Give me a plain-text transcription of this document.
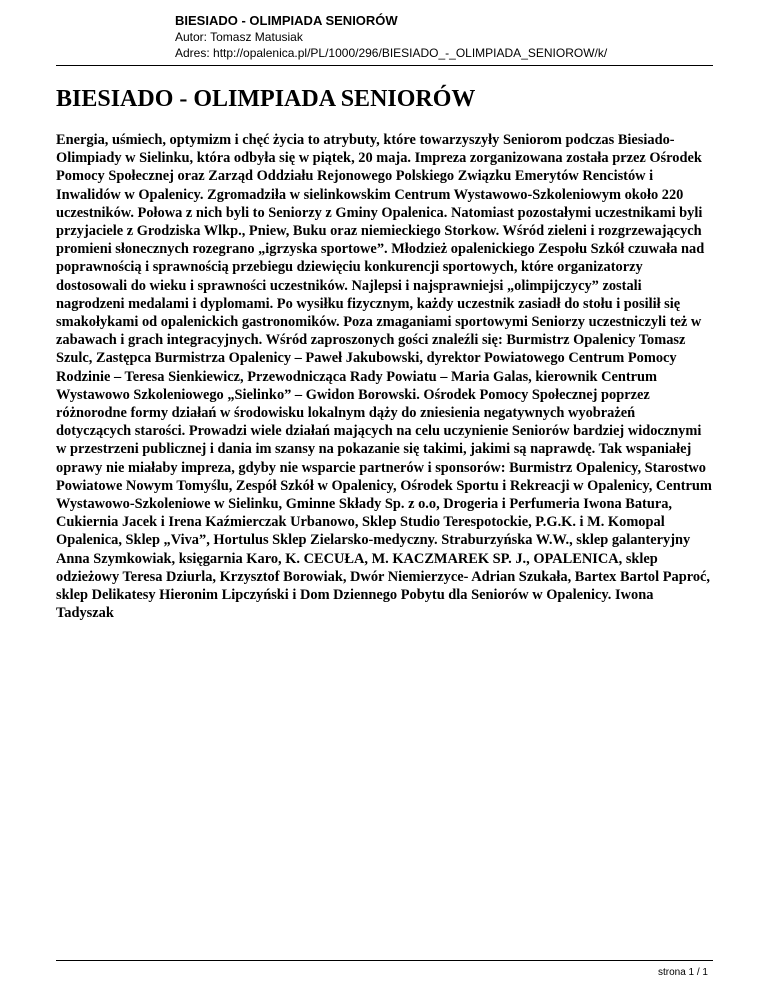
BIESIADO - OLIMPIADA SENIORÓW

Autor: Tomasz Matusiak

Adres: http://opalenica.pl/PL/1000/296/BIESIADO_-_OLIMPIADA_SENIOROW/k/

BIESIADO - OLIMPIADA SENIORÓW

Energia, uśmiech, optymizm i chęć życia to atrybuty, które towarzyszyły Seniorom podczas Biesiado-Olimpiady w Sielinku, która odbyła się w piątek, 20 maja. Impreza zorganizowana została przez Ośrodek Pomocy Społecznej oraz Zarząd Oddziału Rejonowego Polskiego Związku Emerytów Rencistów i Inwalidów w Opalenicy. Zgromadziła w sielinkowskim Centrum Wystawowo-Szkoleniowym około 220 uczestników. Połowa z nich byli to Seniorzy z Gminy Opalenica. Natomiast pozostałymi uczestnikami byli przyjaciele z Grodziska Wlkp., Pniew, Buku oraz niemieckiego Storkow. Wśród zieleni i rozgrzewających promieni słonecznych rozegrano „igrzyska sportowe”. Młodzież opalenickiego Zespołu Szkół czuwała nad poprawnością i sprawnością przebiegu dziewięciu konkurencji sportowych, które organizatorzy dostosowali do wieku i sprawności uczestników. Najlepsi i najsprawniejsi „olimpijczycy” zostali nagrodzeni medalami i dyplomami. Po wysiłku fizycznym, każdy uczestnik zasiadł do stołu i posilił się smakołykami od opalenickich gastronomików. Poza zmaganiami sportowymi Seniorzy uczestniczyli też w zabawach i grach integracyjnych. Wśród zaproszonych gości znaleźli się: Burmistrz Opalenicy Tomasz Szulc, Zastępca Burmistrza Opalenicy – Paweł Jakubowski, dyrektor Powiatowego Centrum Pomocy Rodzinie – Teresa Sienkiewicz, Przewodnicząca Rady Powiatu – Maria Galas, kierownik Centrum Wystawowo Szkoleniowego „Sielinko” – Gwidon Borowski. Ośrodek Pomocy Społecznej poprzez różnorodne formy działań w środowisku lokalnym dąży do zniesienia negatywnych wyobrażeń dotyczących starości. Prowadzi wiele działań mających na celu uczynienie Seniorów bardziej widocznymi w przestrzeni publicznej i dania im szansy na pokazanie się takimi, jakimi są naprawdę. Tak wspaniałej oprawy nie miałaby impreza, gdyby nie wsparcie partnerów i sponsorów: Burmistrz Opalenicy, Starostwo Powiatowe Nowym Tomyślu, Zespół Szkół w Opalenicy, Ośrodek Sportu i Rekreacji w Opalenicy, Centrum Wystawowo-Szkoleniowe w Sielinku, Gminne Składy Sp. z o.o, Drogeria i Perfumeria Iwona Batura, Cukiernia Jacek i Irena Kaźmierczak Urbanowo, Sklep Studio Terespotockie, P.G.K. i M. Komopal Opalenica, Sklep „Viva”, Hortulus Sklep Zielarsko-medyczny. Straburzyńska W.W., sklep galanteryjny Anna Szymkowiak, księgarnia Karo, K. CECUŁA, M. KACZMAREK SP. J., OPALENICA, sklep odzieżowy Teresa Dziurla, Krzysztof Borowiak, Dwór Niemierzyce- Adrian Szukała, Bartex Bartol Paproć, sklep Delikatesy Hieronim Lipczyński i Dom Dziennego Pobytu dla Seniorów w Opalenicy. Iwona Tadyszak

strona 1 / 1
